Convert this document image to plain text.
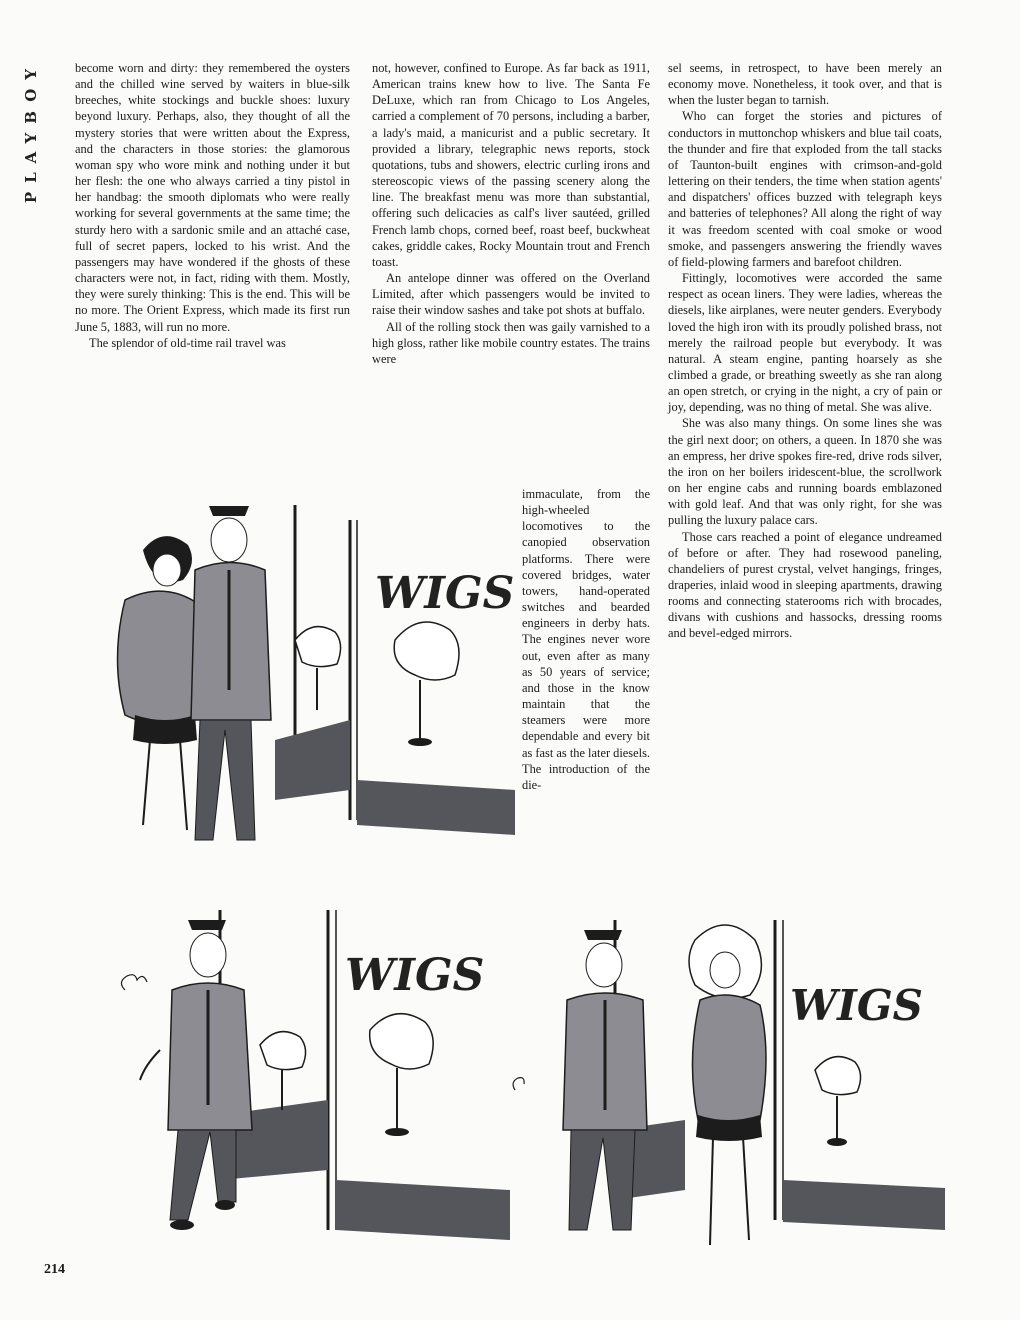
PLAYBOY	become worn and dirty: they remembered the oysters and the chilled wine served by waiters in blue-silk breeches, white stockings and buckle shoes: luxury beyond luxury. Perhaps, also, they thought of all the mystery stories that were written about the Express, and the characters in those stories: the glamorous woman spy who wore mink and nothing under it but her flesh: the one who always carried a tiny pistol in her handbag: the smooth diplomats who were really working for several governments at the same time; the sturdy hero with a sardonic smile and an attaché case, full of secret papers, locked to his wrist. And the passengers may have wondered if the ghosts of these characters were not, in fact, riding with them. Mostly, they were surely thinking: This is the end. This will be no more. The Orient Express, which made its first run June 5, 1883, will run no more.

The splendor of old-time rail travel was

not, however, confined to Europe. As far back as 1911, American trains knew how to live. The Santa Fe DeLuxe, which ran from Chicago to Los Angeles, carried a complement of 70 persons, including a barber, a lady's maid, a manicurist and a public secretary. It provided a library, telegraphic news reports, stock quotations, tubs and showers, electric curling irons and stereoscopic views of the passing scenery along the line. The breakfast menu was more than substantial, offering such delicacies as calf's liver sautéed, grilled French lamb chops, corned beef, roast beef, buckwheat cakes, griddle cakes, Rocky Mountain trout and French toast.

An antelope dinner was offered on the Overland Limited, after which passengers would be invited to raise their window sashes and take pot shots at buffalo.

All of the rolling stock then was gaily varnished to a high gloss, rather like mobile country estates. The trains were

immaculate, from the high-wheeled locomotives to the canopied observation platforms. There were covered bridges, water towers, hand-operated switches and bearded engineers in derby hats. The engines never wore out, even after as many as 50 years of service; and those in the know maintain that the steamers were more dependable and every bit as fast as the later diesels. The introduction of the die-

sel seems, in retrospect, to have been merely an economy move. Nonetheless, it took over, and that is when the luster began to tarnish.

Who can forget the stories and pictures of conductors in muttonchop whiskers and blue tail coats, the thunder and fire that exploded from the tall stacks of Taunton-built engines with crimson-and-gold lettering on their tenders, the time when station agents' and dispatchers' offices buzzed with telegraph keys and batteries of telephones? All along the right of way it was freedom scented with coal smoke or wood smoke, and passengers answering the friendly waves of field-plowing farmers and barefoot children.

Fittingly, locomotives were accorded the same respect as ocean liners. They were ladies, whereas the diesels, like airplanes, were neuter genders. Everybody loved the high iron with its proudly polished brass, not merely the railroad people but everybody. It was natural. A steam engine, panting hoarsely as she climbed a grade, or breathing sweetly as she ran along an open stretch, or crying in the night, a cry of pain or joy, depending, was no thing of metal. She was alive.

She was also many things. On some lines she was the girl next door; on others, a queen. In 1870 she was an empress, her drive spokes fire-red, drive rods silver, the iron on her boilers iridescent-blue, the scrollwork on her engine cabs and running boards emblazoned with gold leaf. And that was only right, for she was pulling the luxury palace cars.

Those cars reached a point of elegance undreamed of before or after. They had rosewood paneling, chandeliers of purest crystal, velvet hangings, fringes, draperies, inlaid wood in sleeping apartments, drawing rooms and connecting staterooms rich with brocades, divans with cushions and hassocks, dressing rooms and bevel-edged mirrors.

WIGS
WIGS
WIGS
214
